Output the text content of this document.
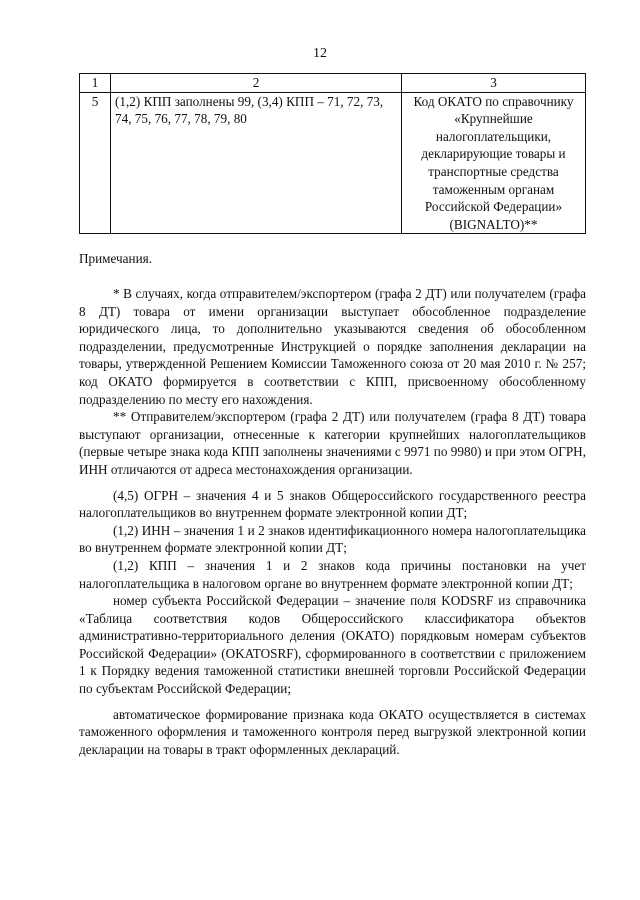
12
1	2	3
5	(1,2) КПП заполнены 99, (3,4) КПП – 71, 72, 73, 74, 75, 76, 77, 78, 79, 80	Код ОКАТО по справочнику «Крупнейшие налогоплательщики, декларирующие товары и транспортные средства таможенным органам Российской Федерации» (BIGNALTO)**
Примечания.

* В случаях, когда отправителем/экспортером (графа 2 ДТ) или получателем (графа 8 ДТ) товара от имени организации выступает обособленное подразделение юридического лица, то дополнительно указываются сведения об обособленном подразделении, предусмотренные Инструкцией о порядке заполнения декларации на товары, утвержденной Решением Комиссии Таможенного союза от 20 мая 2010 г. № 257; код ОКАТО формируется в соответствии с КПП, присвоенному обособленному подразделению по месту его нахождения.

** Отправителем/экспортером (графа 2 ДТ) или получателем (графа 8 ДТ) товара выступают организации, отнесенные к категории крупнейших налогоплательщиков (первые четыре знака кода КПП заполнены значениями с 9971 по 9980) и при этом ОГРН, ИНН отличаются от адреса местонахождения организации.

(4,5) ОГРН – значения 4 и 5 знаков Общероссийского государственного реестра налогоплательщиков во внутреннем формате электронной копии ДТ;

(1,2) ИНН – значения 1 и 2 знаков идентификационного номера налогоплательщика во внутреннем формате электронной копии ДТ;

(1,2) КПП – значения 1 и 2 знаков кода причины постановки на учет налогоплательщика в налоговом органе во внутреннем формате электронной копии ДТ;

номер субъекта Российской Федерации – значение поля KODSRF из справочника «Таблица соответствия кодов Общероссийского классификатора объектов административно-территориального деления (ОКАТО) порядковым номерам субъектов Российской Федерации» (OKATOSRF), сформированного в соответствии с приложением 1 к Порядку ведения таможенной статистики внешней торговли Российской Федерации по субъектам Российской Федерации;

автоматическое формирование признака кода ОКАТО осуществляется в системах таможенного оформления и таможенного контроля перед выгрузкой электронной копии декларации на товары в тракт оформленных деклараций.
